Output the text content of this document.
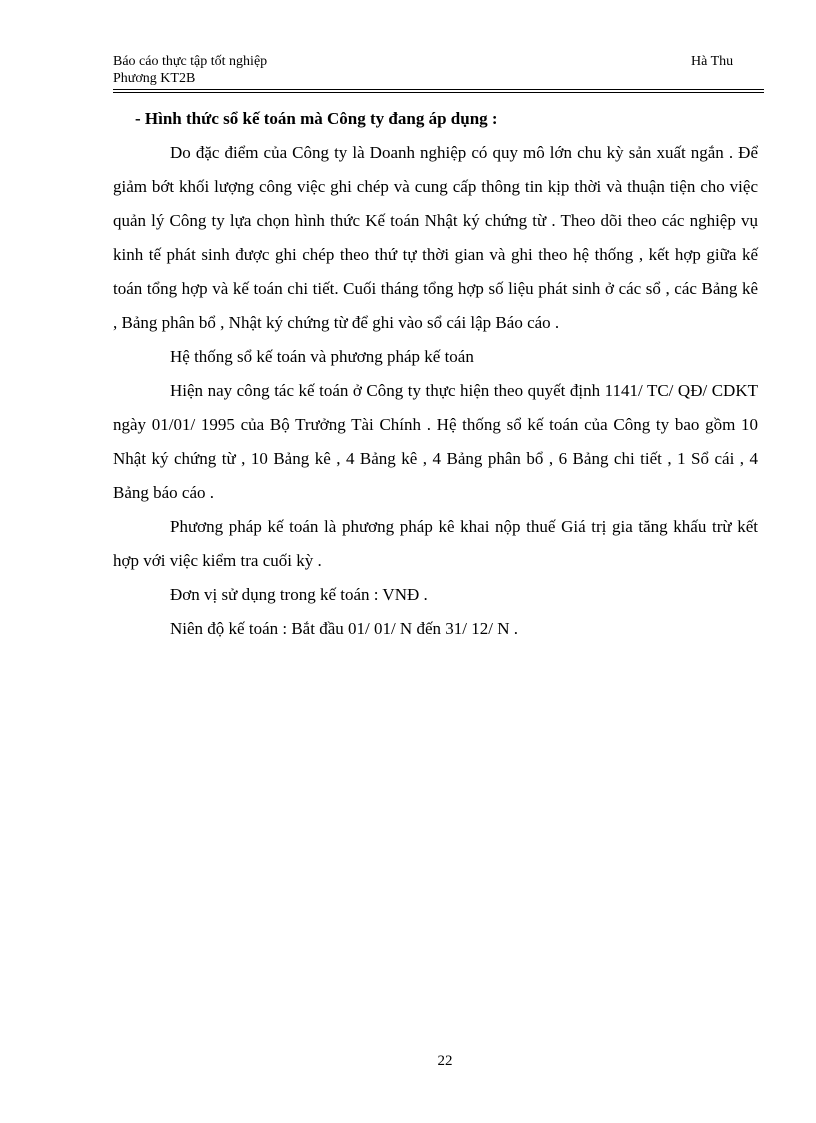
Báo cáo thực tập tốt nghiệp
Phương KT2B
Hà Thu

- Hình thức sổ kế toán mà Công ty đang áp dụng :

Do đặc điểm của Công ty là Doanh nghiệp có quy mô lớn chu kỳ sản xuất ngắn . Để giảm bớt khối lượng công việc ghi chép và cung cấp thông tin kịp thời và thuận tiện cho việc quản lý Công ty lựa chọn hình thức Kế toán Nhật ký chứng từ . Theo dõi theo các nghiệp vụ kinh tế phát sinh được ghi chép theo thứ tự thời gian và ghi theo hệ thống , kết hợp giữa kế toán tổng hợp và kế toán chi tiết. Cuối tháng tổng hợp số liệu phát sinh ở các sổ , các Bảng kê , Bảng phân bổ , Nhật ký chứng từ để ghi vào sổ cái lập Báo cáo .

Hệ thống sổ kế toán và phương pháp kế toán

Hiện nay công tác kế toán ở Công ty thực hiện theo quyết định 1141/ TC/ QĐ/ CDKT ngày 01/01/ 1995 của Bộ Trưởng Tài Chính . Hệ thống sổ kế toán của Công ty bao gồm 10 Nhật ký chứng từ , 10 Bảng kê , 4 Bảng kê , 4 Bảng phân bổ , 6 Bảng chi tiết , 1 Sổ cái , 4 Bảng báo cáo .

Phương pháp kế toán là phương pháp kê khai nộp thuế Giá trị gia tăng khấu trừ kết hợp với việc kiểm tra cuối kỳ .

Đơn vị sử dụng trong kế toán : VNĐ .

Niên độ kế toán : Bắt đầu 01/ 01/ N đến 31/ 12/ N .

22
